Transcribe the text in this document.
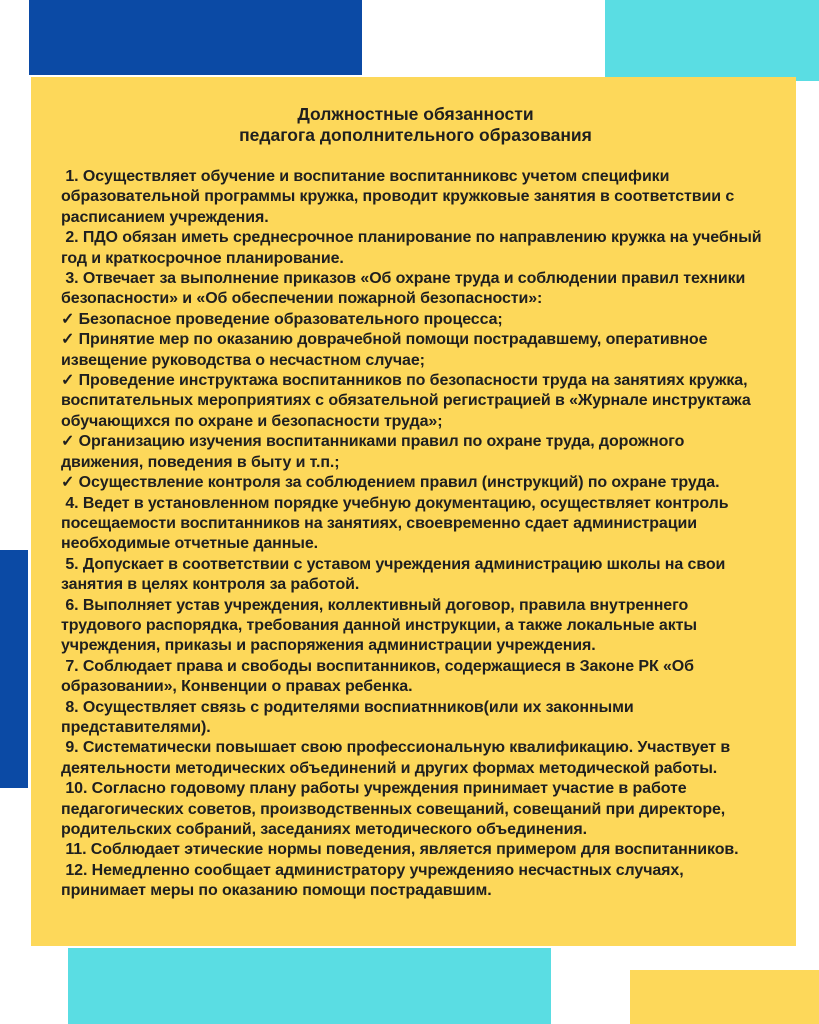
Должностные обязанности
педагога дополнительного образования

1. Осуществляет обучение и воспитание воспитанниковс учетом специфики образовательной программы кружка, проводит кружковые занятия в соответствии с расписанием учреждения.

2. ПДО обязан иметь среднесрочное планирование по направлению кружка на учебный год и краткосрочное планирование.

3. Отвечает за выполнение приказов «Об охране труда и соблюдении правил техники безопасности» и «Об обеспечении пожарной безопасности»:

✓ Безопасное проведение образовательного процесса;

✓ Принятие мер по оказанию доврачебной помощи пострадавшему, оперативное извещение руководства о несчастном случае;

✓ Проведение инструктажа воспитанников по безопасности труда на занятиях кружка, воспитательных мероприятиях с обязательной регистрацией в «Журнале инструктажа обучающихся по охране и безопасности труда»;

✓ Организацию изучения воспитанниками правил по охране труда, дорожного движения, поведения в быту и т.п.;

✓ Осуществление контроля за соблюдением правил (инструкций) по охране труда.

4. Ведет в установленном порядке учебную документацию, осуществляет контроль посещаемости воспитанников на занятиях, своевременно сдает администрации необходимые отчетные данные.

5. Допускает в соответствии с уставом учреждения администрацию школы на свои занятия в целях контроля за работой.

6. Выполняет устав учреждения, коллективный договор, правила внутреннего трудового распорядка, требования данной инструкции, а также локальные акты учреждения, приказы и распоряжения администрации учреждения.

7. Соблюдает права и свободы воспитанников, содержащиеся в Законе РК «Об образовании», Конвенции о правах ребенка.

8. Осуществляет связь с родителями воспиатнников(или их законными представителями).

9. Систематически повышает свою профессиональную квалификацию. Участвует в деятельности методических объединений и других формах методической работы.

10. Согласно годовому плану работы учреждения принимает участие в работе педагогических советов, производственных совещаний, совещаний при директоре, родительских собраний, заседаниях методического объединения.

11. Соблюдает этические нормы поведения, является примером для воспитанников.

12. Немедленно сообщает администратору учрежденияо несчастных случаях, принимает меры по оказанию помощи пострадавшим.
